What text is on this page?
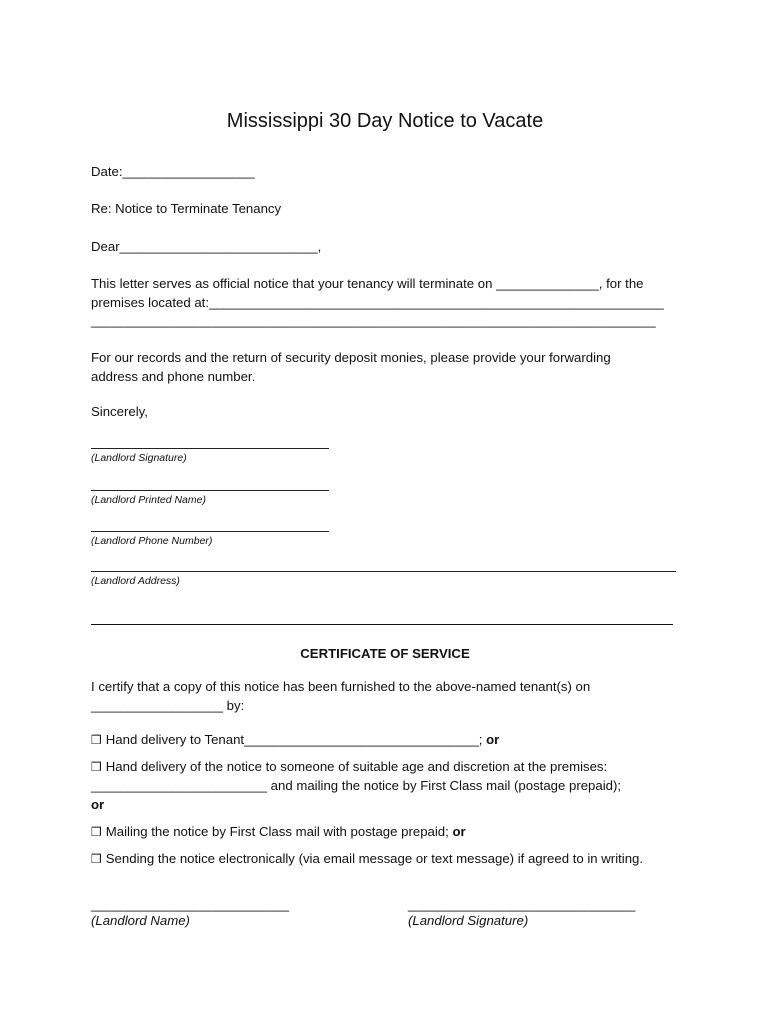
Mississippi 30 Day Notice to Vacate
Date:__________________
Re: Notice to Terminate Tenancy
Dear___________________________,
This letter serves as official notice that your tenancy will terminate on ______________, for the
premises located at:______________________________________________________________
_____________________________________________________________________________
For our records and the return of security deposit monies, please provide your forwarding
address and phone number.
Sincerely,
(Landlord Signature)
(Landlord Printed Name)
(Landlord Phone Number)
(Landlord Address)
CERTIFICATE OF SERVICE
I certify that a copy of this notice has been furnished to the above-named tenant(s) on
__________________ by:
❒ Hand delivery to Tenant________________________________; or
❒ Hand delivery of the notice to someone of suitable age and discretion at the premises:
________________________ and mailing the notice by First Class mail (postage prepaid);
or
❒ Mailing the notice by First Class mail with postage prepaid; or
❒ Sending the notice electronically (via email message or text message) if agreed to in writing.
___________________________
(Landlord Name)
_______________________________
(Landlord Signature)
